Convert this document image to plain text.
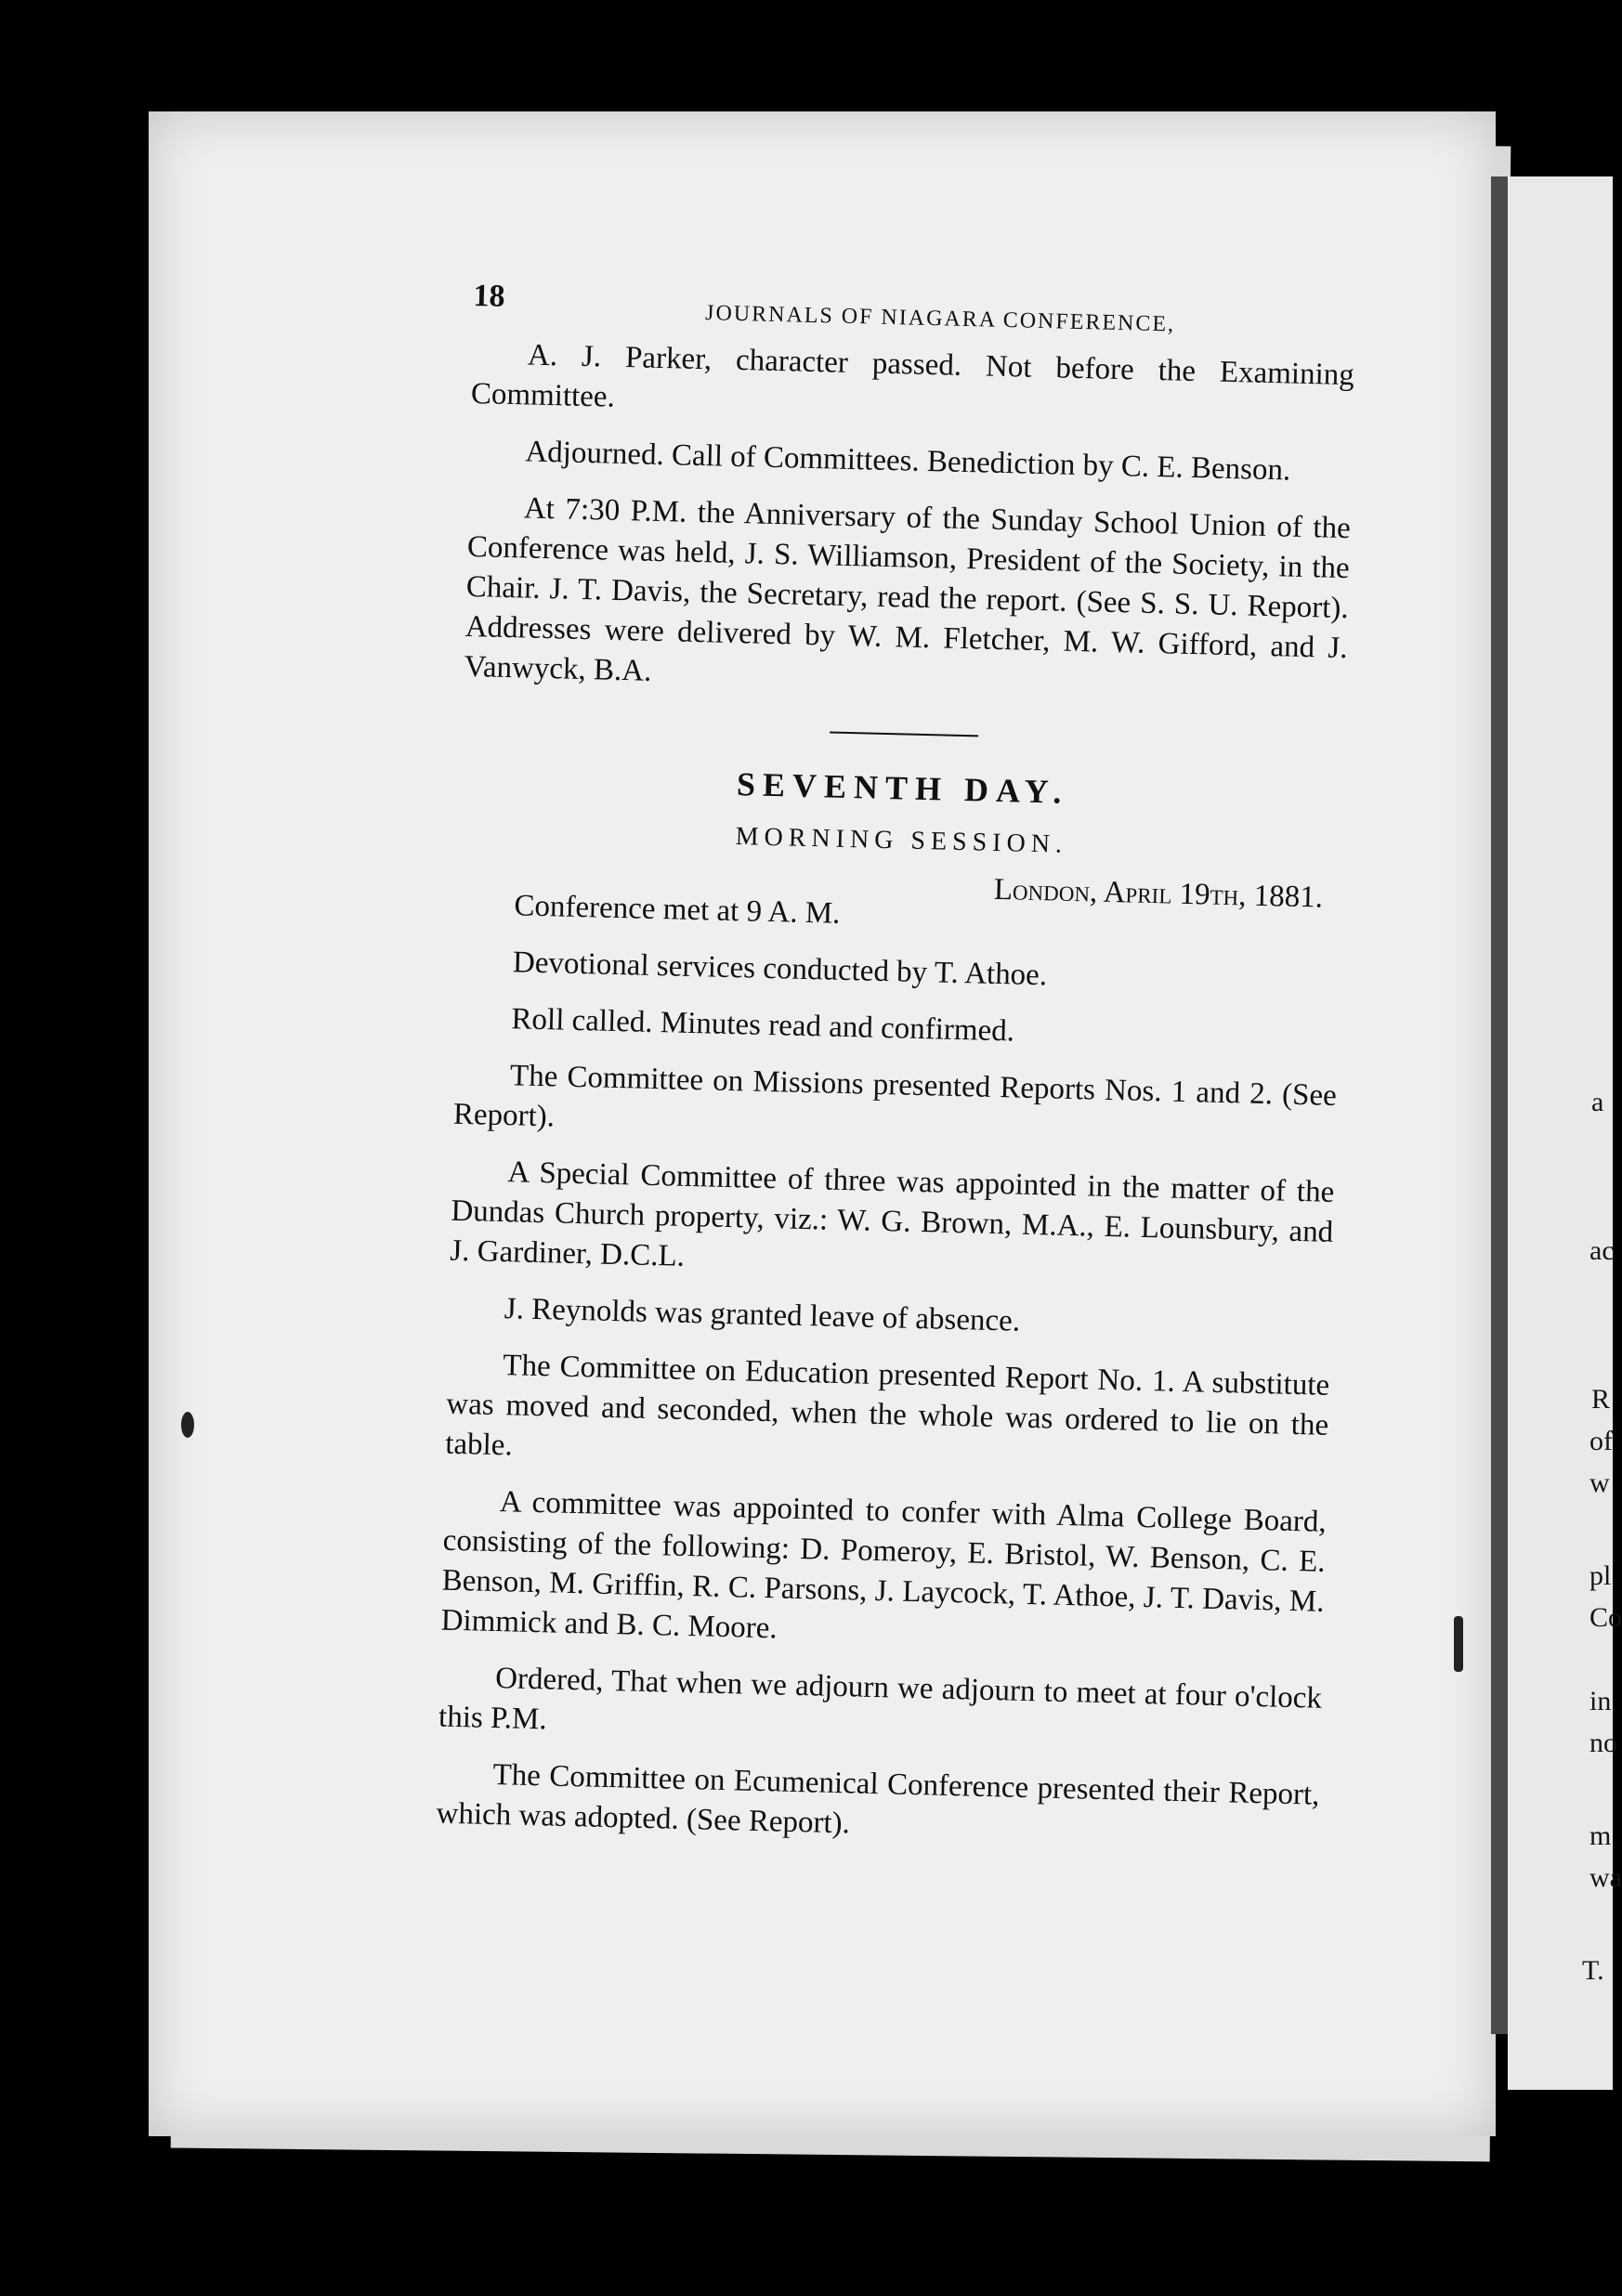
a
ac
R
of
w
pl
Co
in
no
m
wa
T.
18
JOURNALS OF NIAGARA CONFERENCE,

A. J. Parker, character passed. Not before the Examining Committee.

Adjourned. Call of Committees. Benediction by C. E. Benson.

At 7:30 P.M. the Anniversary of the Sunday School Union of the Conference was held, J. S. Williamson, President of the Society, in the Chair. J. T. Davis, the Secretary, read the report. (See S. S. U. Report). Addresses were delivered by W. M. Fletcher, M. W. Gifford, and J. Vanwyck, B.A.

SEVENTH DAY.
MORNING SESSION.
London, April 19th, 1881.

Conference met at 9 A. M.

Devotional services conducted by T. Athoe.

Roll called. Minutes read and confirmed.

The Committee on Missions presented Reports Nos. 1 and 2. (See Report).

A Special Committee of three was appointed in the matter of the Dundas Church property, viz.: W. G. Brown, M.A., E. Lounsbury, and J. Gardiner, D.C.L.

J. Reynolds was granted leave of absence.

The Committee on Education presented Report No. 1. A substitute was moved and seconded, when the whole was ordered to lie on the table.

A committee was appointed to confer with Alma College Board, consisting of the following: D. Pomeroy, E. Bristol, W. Benson, C. E. Benson, M. Griffin, R. C. Parsons, J. Laycock, T. Athoe, J. T. Davis, M. Dimmick and B. C. Moore.

Ordered, That when we adjourn we adjourn to meet at four o'clock this P.M.

The Committee on Ecumenical Conference presented their Report, which was adopted. (See Report).
